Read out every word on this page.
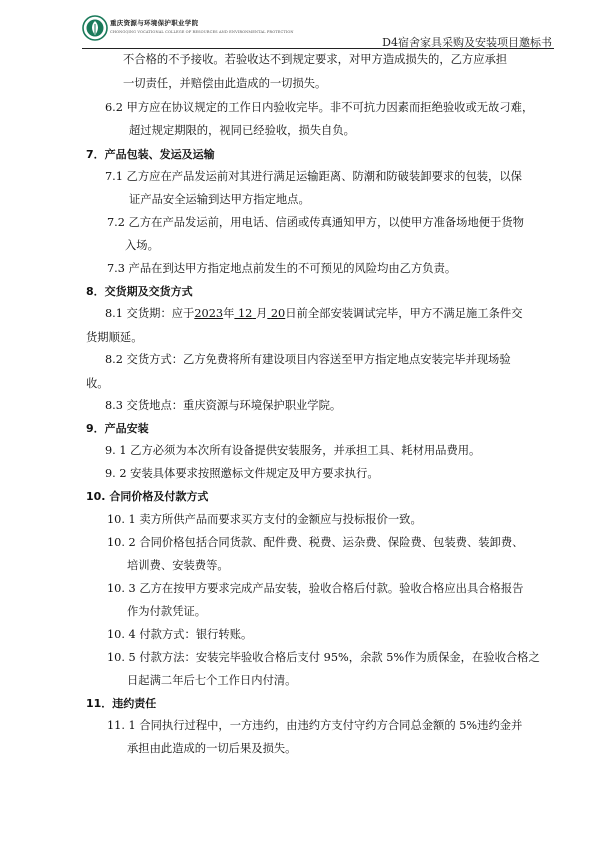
重庆资源与环境保护职业学院
CHONGQING VOCATIONAL COLLEGE OF RESOURCES AND ENVIRONMENTAL PROTECTION
D4宿舍家具采购及安装项目邀标书
不合格的不予接收。若验收达不到规定要求，对甲方造成损失的，乙方应承担
一切责任，并赔偿由此造成的一切损失。
6.2 甲方应在协议规定的工作日内验收完毕。非不可抗力因素而拒绝验收或无故刁难，
超过规定期限的，视同已经验收，损失自负。
7．产品包装、发运及运输
7.1 乙方应在产品发运前对其进行满足运输距离、防潮和防破装卸要求的包装，以保
证产品安全运输到达甲方指定地点。
7.2 乙方在产品发运前，用电话、信函或传真通知甲方，以使甲方准备场地便于货物
入场。
7.3 产品在到达甲方指定地点前发生的不可预见的风险均由乙方负责。
8．交货期及交货方式
8.1 交货期：应于2023年 12 月 20日前全部安装调试完毕，甲方不满足施工条件交
货期顺延。
8.2 交货方式：乙方免费将所有建设项目内容送至甲方指定地点安装完毕并现场验
收。
8.3 交货地点：重庆资源与环境保护职业学院。
9．产品安装
9. 1 乙方必须为本次所有设备提供安装服务，并承担工具、耗材用品费用。
9. 2 安装具体要求按照邀标文件规定及甲方要求执行。
10. 合同价格及付款方式
10. 1 卖方所供产品而要求买方支付的金额应与投标报价一致。
10. 2 合同价格包括合同货款、配件费、税费、运杂费、保险费、包装费、装卸费、
培训费、安装费等。
10. 3 乙方在按甲方要求完成产品安装，验收合格后付款。验收合格应出具合格报告
作为付款凭证。
10. 4 付款方式：银行转账。
10. 5 付款方法：安装完毕验收合格后支付 95%，余款 5%作为质保金，在验收合格之
日起满二年后七个工作日内付清。
11．违约责任
11. 1 合同执行过程中，一方违约，由违约方支付守约方合同总金额的 5%违约金并
承担由此造成的一切后果及损失。
